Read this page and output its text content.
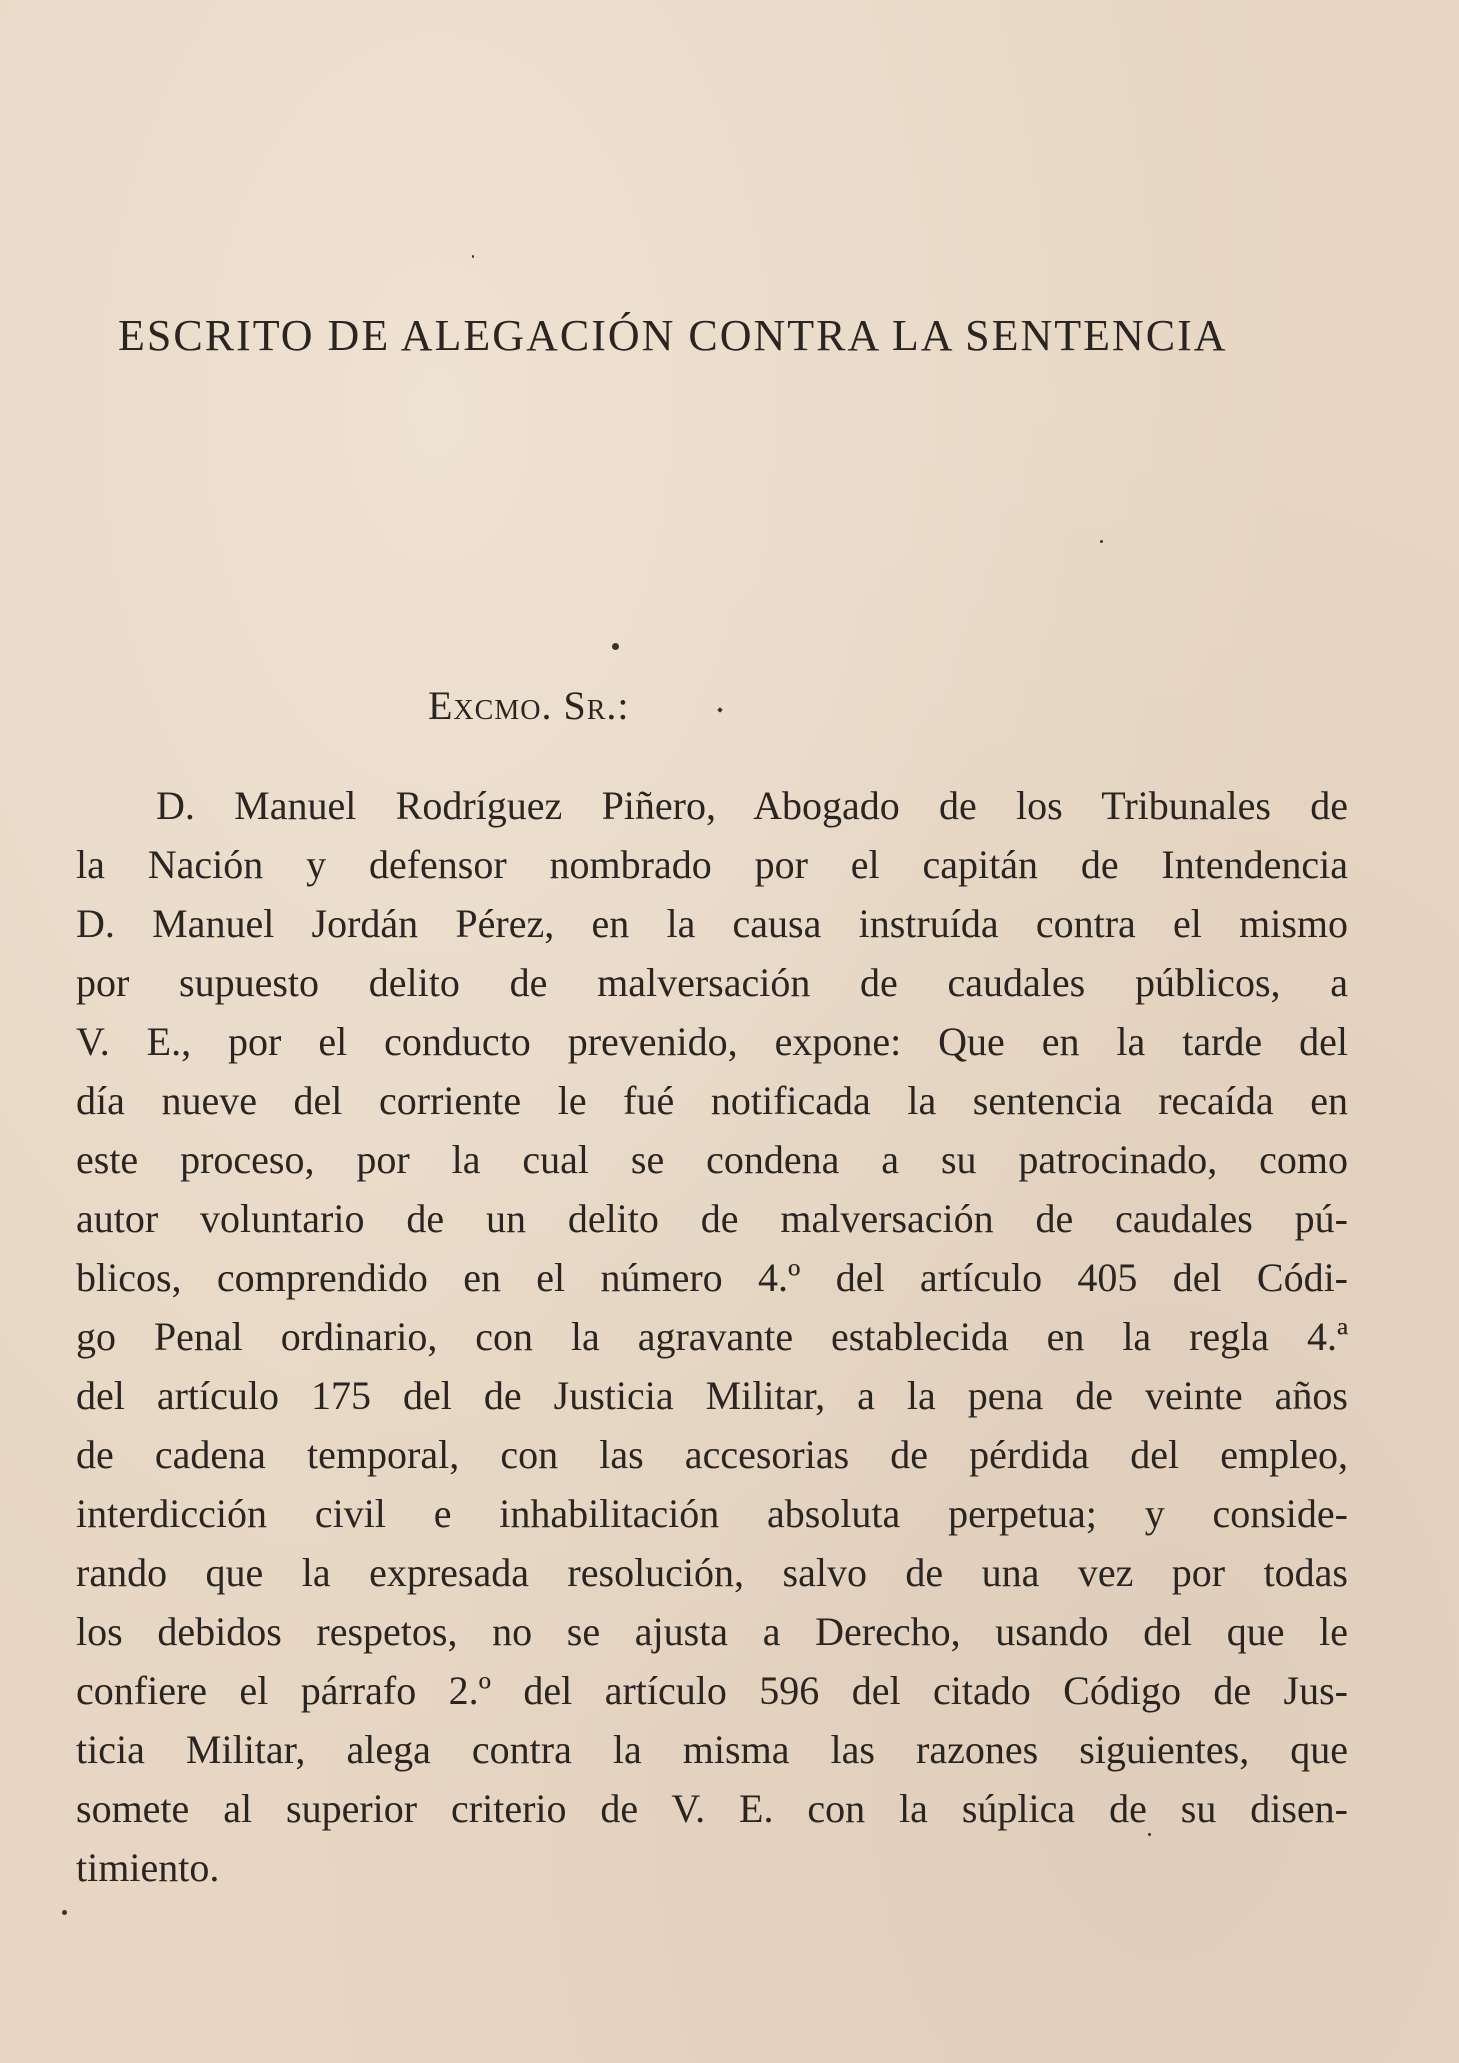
ESCRITO DE ALEGACIÓN CONTRA LA SENTENCIA

Excmo. Sr.:

D. Manuel Rodríguez Piñero, Abogado de los Tribunales de
la Nación y defensor nombrado por el capitán de Intendencia
D. Manuel Jordán Pérez, en la causa instruída contra el mismo
por supuesto delito de malversación de caudales públicos, a
V. E., por el conducto prevenido, expone: Que en la tarde del
día nueve del corriente le fué notificada la sentencia recaída en
este proceso, por la cual se condena a su patrocinado, como
autor voluntario de un delito de malversación de caudales pú-
blicos, comprendido en el número 4.º del artículo 405 del Códi-
go Penal ordinario, con la agravante establecida en la regla 4.ª
del artículo 175 del de Justicia Militar, a la pena de veinte años
de cadena temporal, con las accesorias de pérdida del empleo,
interdicción civil e inhabilitación absoluta perpetua; y conside-
rando que la expresada resolución, salvo de una vez por todas
los debidos respetos, no se ajusta a Derecho, usando del que le
confiere el párrafo 2.º del artículo 596 del citado Código de Jus-
ticia Militar, alega contra la misma las razones siguientes, que
somete al superior criterio de V. E. con la súplica de su disen-
timiento.
